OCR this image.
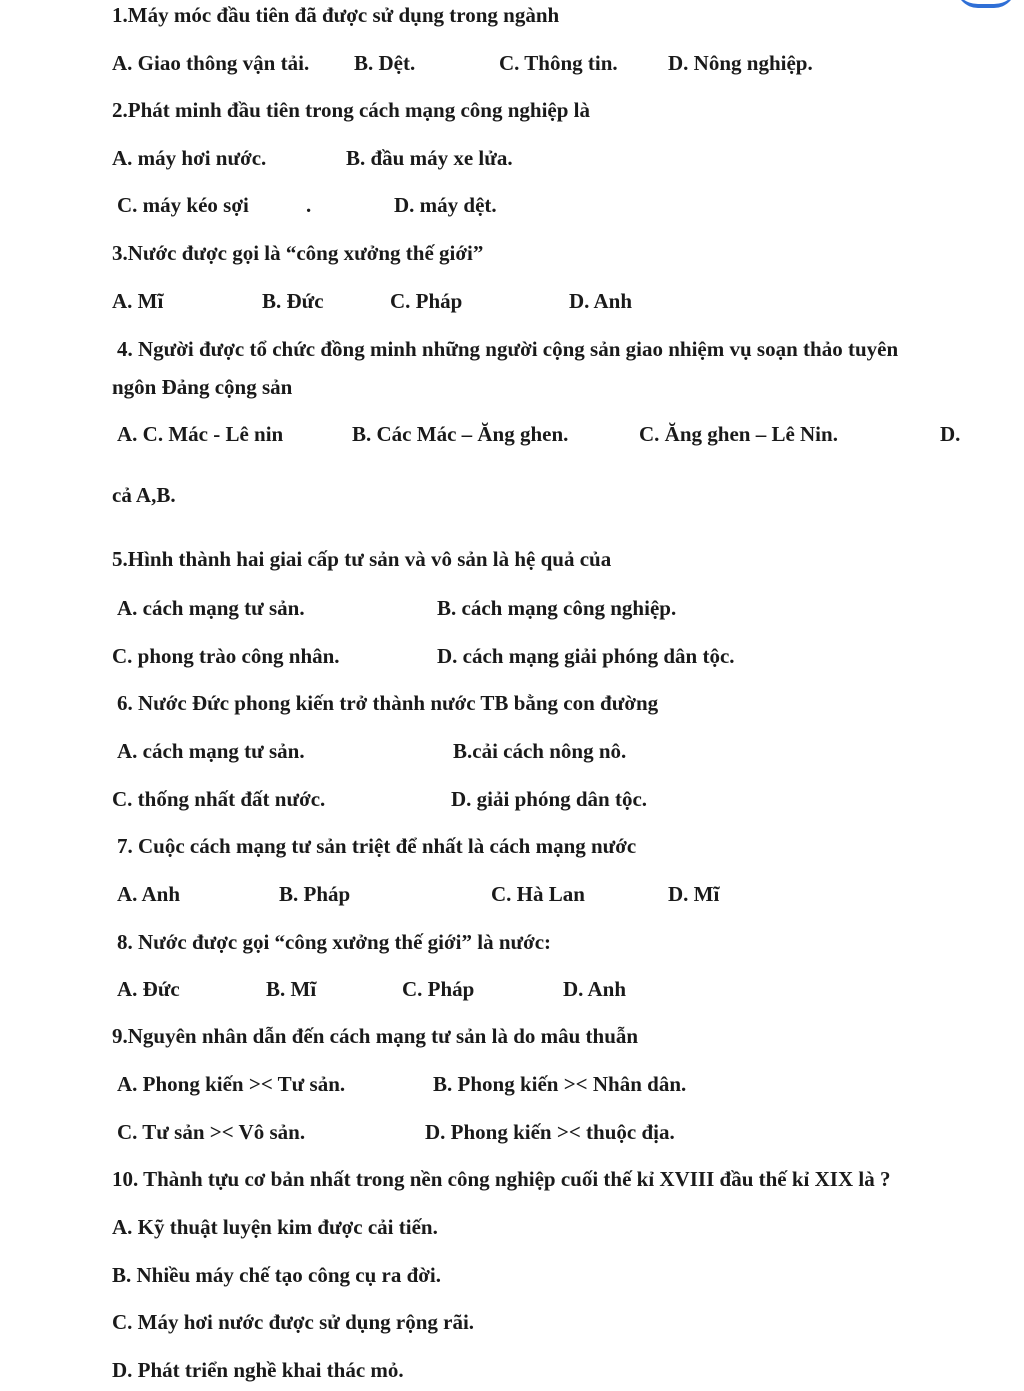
1.Máy móc đầu tiên đã được sử dụng trong ngành
A. Giao thông vận tải. B. Dệt.	C. Thông tin. D. Nông nghiệp.
2.Phát minh đầu tiên trong cách mạng công nghiệp là
A. máy hơi nước.	B. đầu máy xe lửa.
C. máy kéo sợi	.	D. máy dệt.
3.Nước được gọi là “công xưởng thế giới”
A. Mĩ	B. Đức	C. Pháp	D. Anh
4. Người được tổ chức đồng minh những người cộng sản giao nhiệm vụ soạn thảo tuyên
ngôn Đảng cộng sản
A. C. Mác - Lê nin	B. Các Mác – Ăng ghen.	C. Ăng ghen – Lê Nin.	D.
cả A,B.
5.Hình thành hai giai cấp tư sản và vô sản là hệ quả của
A. cách mạng tư sản.	B. cách mạng công nghiệp.
C. phong trào công nhân.	D. cách mạng giải phóng dân tộc.
6. Nước Đức phong kiến trở thành nước TB bằng con đường
A. cách mạng tư sản.	B.cải cách nông nô.
C. thống nhất đất nước.	D. giải phóng dân tộc.
7. Cuộc cách mạng tư sản triệt để nhất là cách mạng nước
A. Anh	B. Pháp	C. Hà Lan	D. Mĩ
8. Nước được gọi “công xưởng thế giới” là nước:
A. Đức	B. Mĩ	C. Pháp	D. Anh
9.Nguyên nhân dẫn đến cách mạng tư sản là do mâu thuẫn
A. Phong kiến >< Tư sản.	B. Phong kiến >< Nhân dân.
C. Tư sản >< Vô sản.	D. Phong kiến >< thuộc địa.
10. Thành tựu cơ bản nhất trong nền công nghiệp cuối thế kỉ XVIII đầu thế kỉ XIX là ?
A. Kỹ thuật luyện kim được cải tiến.
B. Nhiều máy chế tạo công cụ ra đời.
C. Máy hơi nước được sử dụng rộng rãi.
D. Phát triển nghề khai thác mỏ.
